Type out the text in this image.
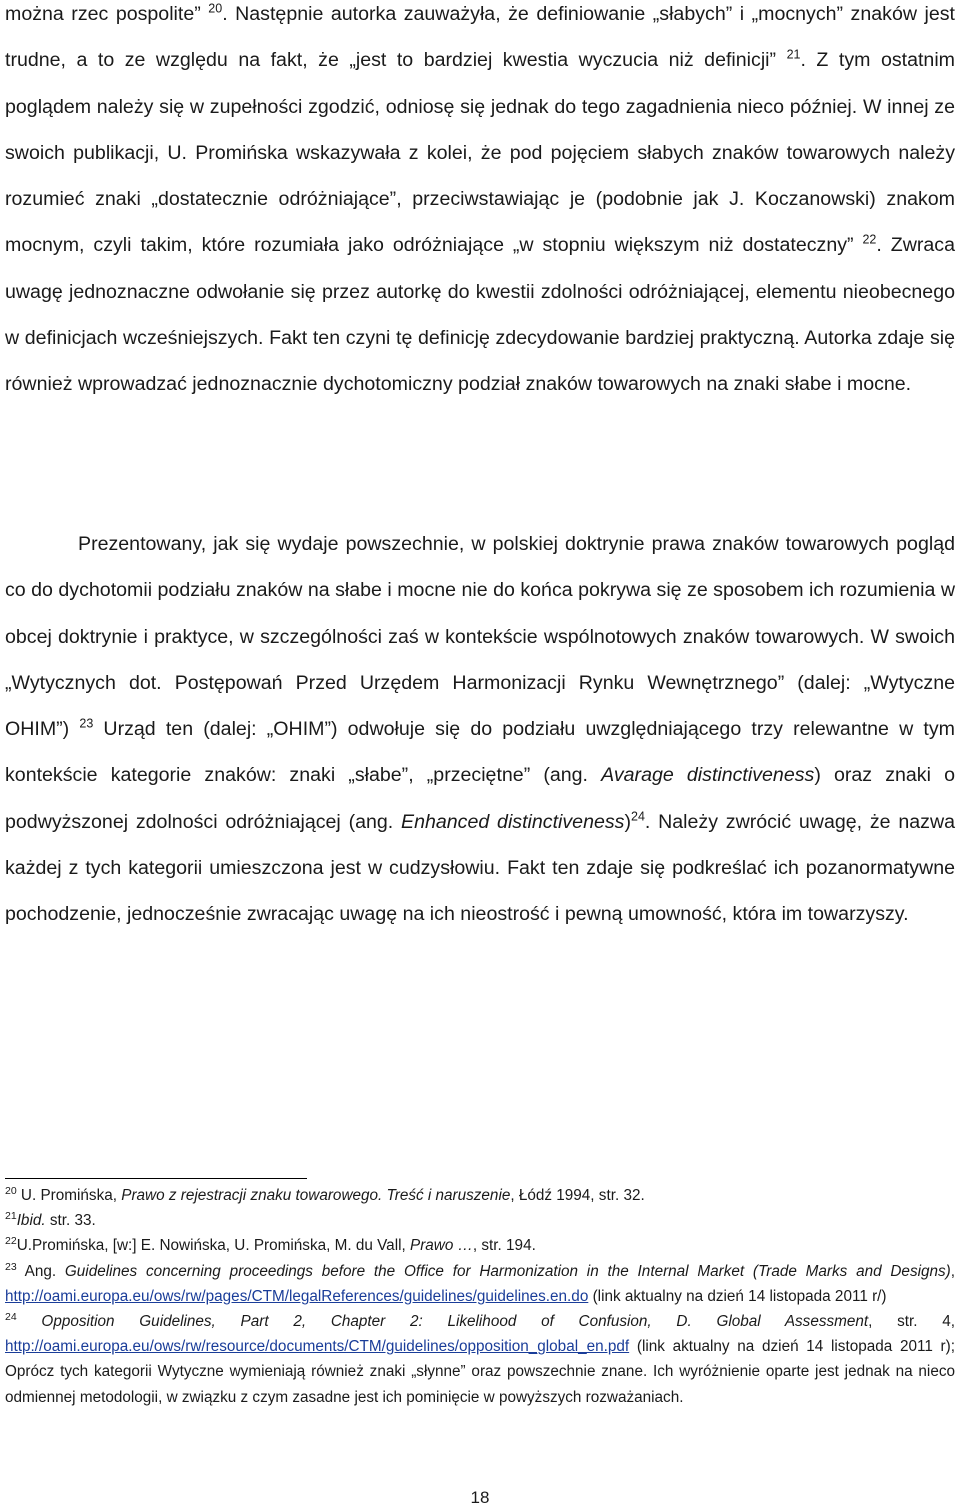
można rzec pospolite” $^{20}$. Następnie autorka zauważyła, że definiowanie „słabych” i „mocnych” znaków jest trudne, a to ze względu na fakt, że „jest to bardziej kwestia wyczucia niż definicji” $^{21}$. Z tym ostatnim poglądem należy się w zupełności zgodzić, odniosę się jednak do tego zagadnienia nieco później. W innej ze swoich publikacji, U. Promińska wskazywała z kolei, że pod pojęciem słabych znaków towarowych należy rozumieć znaki „dostatecznie odróżniające”, przeciwstawiając je (podobnie jak J. Koczanowski) znakom mocnym, czyli takim, które rozumiała jako odróżniające „w stopniu większym niż dostateczny” $^{22}$. Zwraca uwagę jednoznaczne odwołanie się przez autorkę do kwestii zdolności odróżniającej, elementu nieobecnego w definicjach wcześniejszych. Fakt ten czyni tę definicję zdecydowanie bardziej praktyczną. Autorka zdaje się również wprowadzać jednoznacznie dychotomiczny podział znaków towarowych na znaki słabe i mocne.

Prezentowany, jak się wydaje powszechnie, w polskiej doktrynie prawa znaków towarowych pogląd co do dychotomii podziału znaków na słabe i mocne nie do końca pokrywa się ze sposobem ich rozumienia w obcej doktrynie i praktyce, w szczególności zaś w kontekście wspólnotowych znaków towarowych. W swoich „Wytycznych dot. Postępowań Przed Urzędem Harmonizacji Rynku Wewnętrznego” (dalej: „Wytyczne OHIM”) $^{23}$ Urząd ten (dalej: „OHIM”) odwołuje się do podziału uwzględniającego trzy relewantne w tym kontekście kategorie znaków: znaki „słabe”, „przeciętne” (ang. Avarage distinctiveness) oraz znaki o podwyższonej zdolności odróżniającej (ang. Enhanced distinctiveness)$^{24}$. Należy zwrócić uwagę, że nazwa każdej z tych kategorii umieszczona jest w cudzysłowiu. Fakt ten zdaje się podkreślać ich pozanormatywne pochodzenie, jednocześnie zwracając uwagę na ich nieostrość i pewną umowność, która im towarzyszy.

$^{20}$ U. Promińska, Prawo z rejestracji znaku towarowego. Treść i naruszenie, Łódź 1994, str. 32.

$^{21}$Ibid. str. 33.

$^{22}$U.Promińska, [w:] E. Nowińska, U. Promińska, M. du Vall, Prawo …, str. 194.

$^{23}$ Ang. Guidelines concerning proceedings before the Office for Harmonization in the Internal Market (Trade Marks and Designs), http://oami.europa.eu/ows/rw/pages/CTM/legalReferences/guidelines/guidelines.en.do (link aktualny na dzień 14 listopada 2011 r/)

$^{24}$ Opposition Guidelines, Part 2, Chapter 2: Likelihood of Confusion, D. Global Assessment, str. 4, http://oami.europa.eu/ows/rw/resource/documents/CTM/guidelines/opposition_global_en.pdf (link aktualny na dzień 14 listopada 2011 r); Oprócz tych kategorii Wytyczne wymieniają również znaki „słynne” oraz powszechnie znane. Ich wyróżnienie oparte jest jednak na nieco odmiennej metodologii, w związku z czym zasadne jest ich pominięcie w powyższych rozważaniach.

18
